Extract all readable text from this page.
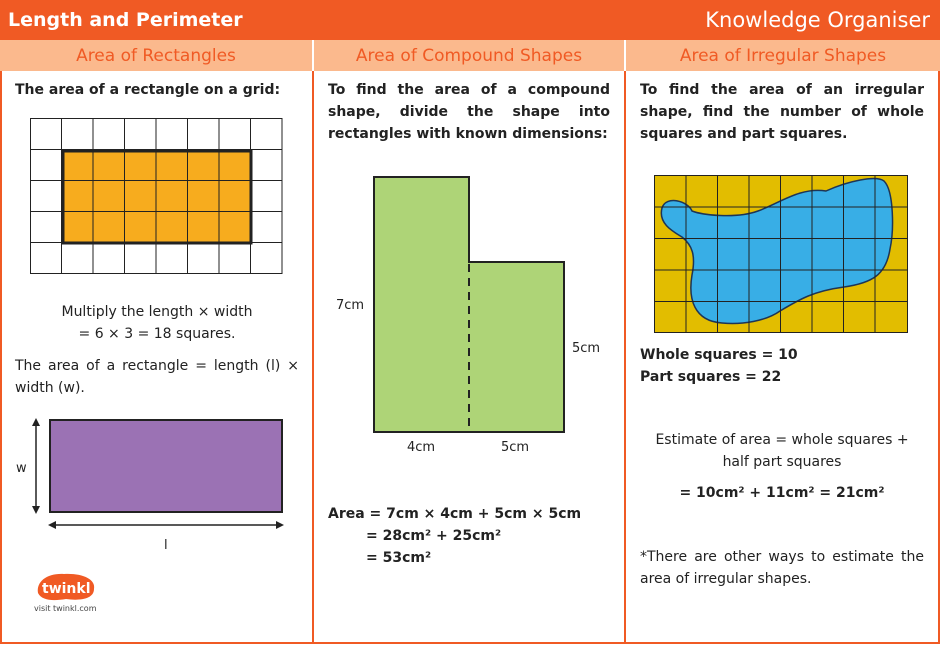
Length and Perimeter	Knowledge Organiser
Area of Rectangles	Area of Compound Shapes	Area of Irregular Shapes
The area of a rectangle on a grid:
Multiply the length × width
= 6 × 3 = 18 squares.
The area of a rectangle = length (l) × width (w).
w
l
twinkl
visit twinkl.com
To find the area of a compound shape, divide the shape into rectangles with known dimensions:
7cm
5cm
4cm	5cm
Area = 7cm × 4cm + 5cm × 5cm
= 28cm² + 25cm²
= 53cm²
To find the area of an irregular shape, find the number of whole squares and part squares.
Whole squares = 10
Part squares = 22
Estimate of area = whole squares +
half part squares
= 10cm² + 11cm² = 21cm²
*There are other ways to estimate the area of irregular shapes.
